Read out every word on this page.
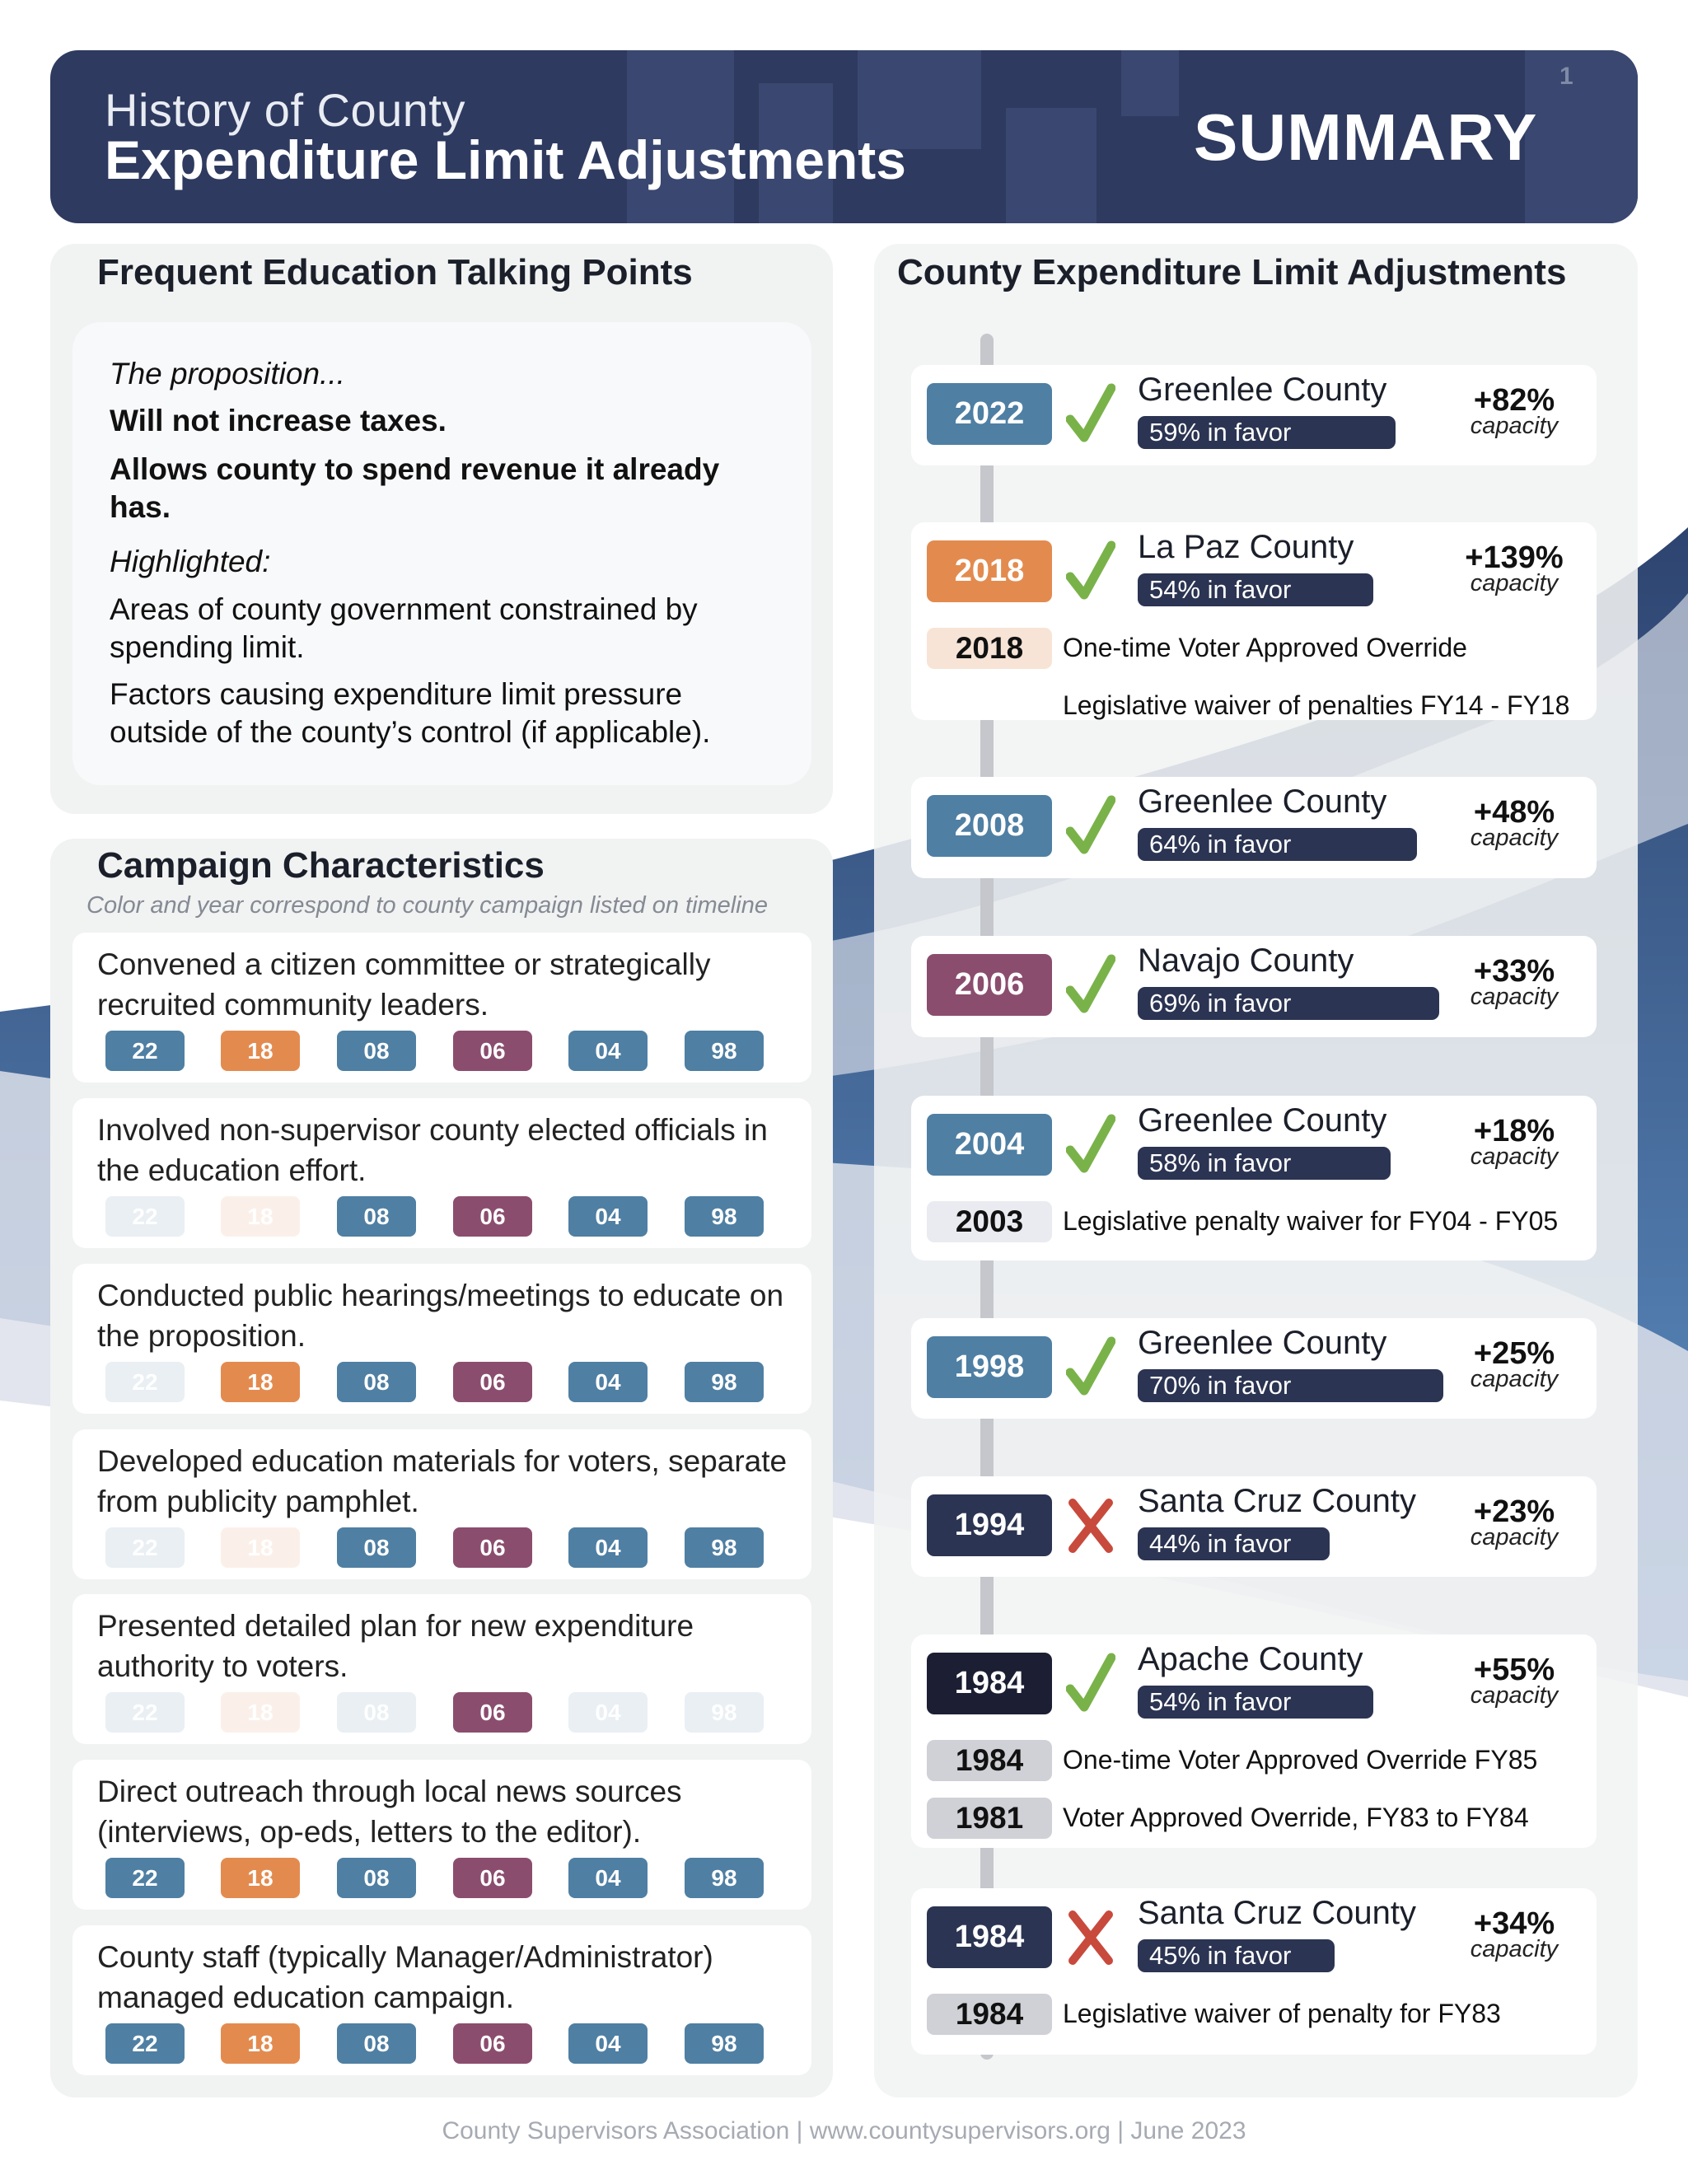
History of County
Expenditure Limit Adjustments	SUMMARY
1
Frequent Education Talking Points
The proposition...
Will not increase taxes.
Allows county to spend revenue it already has.
Highlighted:
Areas of county government constrained by spending limit.
Factors causing expenditure limit pressure outside of the county’s control (if applicable).
Campaign Characteristics
Color and year correspond to county campaign listed on timeline
Convened a citizen committee or strategically recruited community leaders.
22	18	08	06	04	98
Involved non-supervisor county elected officials in the education effort.
22	18	08	06	04	98
Conducted public hearings/meetings to educate on the proposition.
22	18	08	06	04	98
Developed education materials for voters, separate from publicity pamphlet.
22	18	08	06	04	98
Presented detailed plan for new expenditure authority to voters.
22	18	08	06	04	98
Direct outreach through local news sources (interviews, op-eds, letters to the editor).
22	18	08	06	04	98
County staff (typically Manager/Administrator) managed education campaign.
22	18	08	06	04	98
County Expenditure Limit Adjustments
2022
Greenlee County
59% in favor
+82%
capacity
2018
La Paz County
54% in favor
+139%
capacity
2018	One-time Voter Approved Override
Legislative waiver of penalties FY14 - FY18
2008
Greenlee County
64% in favor
+48%
capacity
2006
Navajo County
69% in favor
+33%
capacity
2004
Greenlee County
58% in favor
+18%
capacity
2003	Legislative penalty waiver for FY04 - FY05
1998
Greenlee County
70% in favor
+25%
capacity
1994
Santa Cruz County
44% in favor
+23%
capacity
1984
Apache County
54% in favor
+55%
capacity
1984	One-time Voter Approved Override FY85
1981	Voter Approved Override, FY83 to FY84
1984
Santa Cruz County
45% in favor
+34%
capacity
1984	Legislative waiver of penalty for FY83
County Supervisors Association | www.countysupervisors.org | June 2023
